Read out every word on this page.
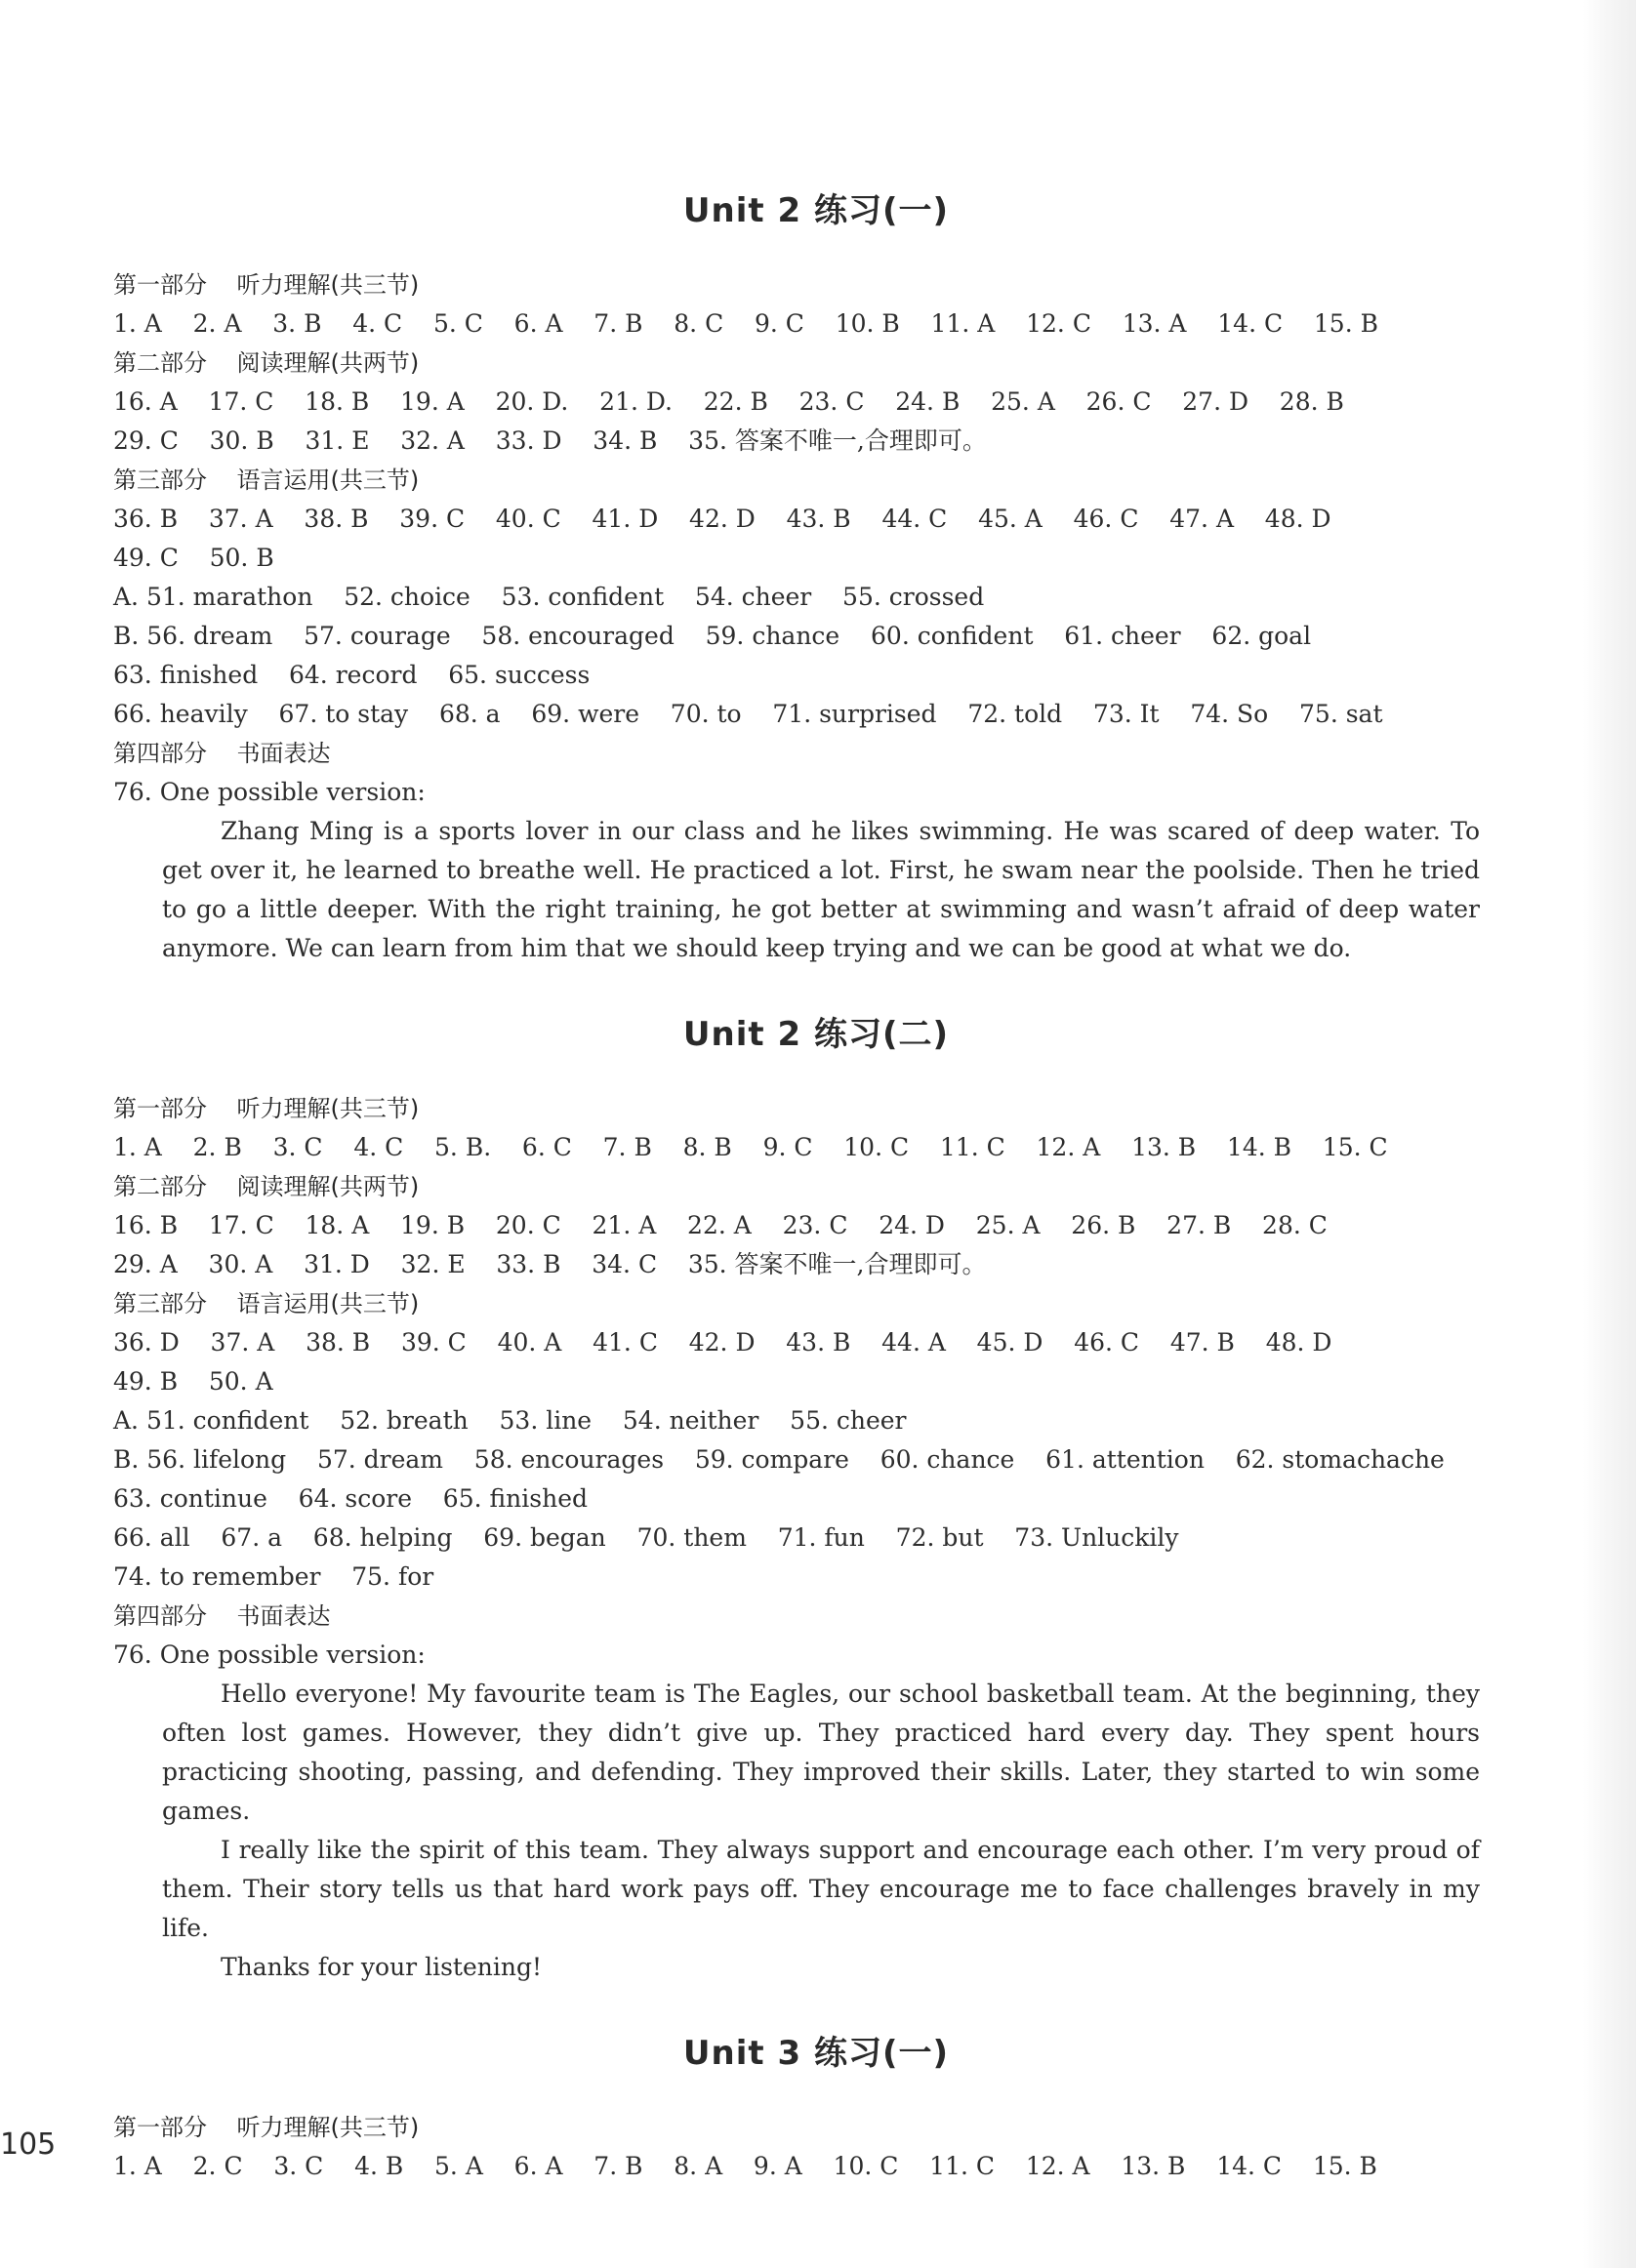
Unit 2 练习(一)
第一部分    听力理解(共三节)
1. A    2. A    3. B    4. C    5. C    6. A    7. B    8. C    9. C    10. B    11. A    12. C    13. A    14. C    15. B
第二部分    阅读理解(共两节)
16. A    17. C    18. B    19. A    20. D.    21. D.    22. B    23. C    24. B    25. A    26. C    27. D    28. B
29. C    30. B    31. E    32. A    33. D    34. B    35. 答案不唯一,合理即可。
第三部分    语言运用(共三节)
36. B    37. A    38. B    39. C    40. C    41. D    42. D    43. B    44. C    45. A    46. C    47. A    48. D
49. C    50. B
A. 51. marathon    52. choice    53. confident    54. cheer    55. crossed
B. 56. dream    57. courage    58. encouraged    59. chance    60. confident    61. cheer    62. goal
63. finished    64. record    65. success
66. heavily    67. to stay    68. a    69. were    70. to    71. surprised    72. told    73. It    74. So    75. sat
第四部分    书面表达
76. One possible version:

Zhang Ming is a sports lover in our class and he likes swimming. He was scared of deep water. To get over it, he learned to breathe well. He practiced a lot. First, he swam near the poolside. Then he tried to go a little deeper. With the right training, he got better at swimming and wasn’t afraid of deep water anymore. We can learn from him that we should keep trying and we can be good at what we do.

Unit 2 练习(二)
第一部分    听力理解(共三节)
1. A    2. B    3. C    4. C    5. B.    6. C    7. B    8. B    9. C    10. C    11. C    12. A    13. B    14. B    15. C
第二部分    阅读理解(共两节)
16. B    17. C    18. A    19. B    20. C    21. A    22. A    23. C    24. D    25. A    26. B    27. B    28. C
29. A    30. A    31. D    32. E    33. B    34. C    35. 答案不唯一,合理即可。
第三部分    语言运用(共三节)
36. D    37. A    38. B    39. C    40. A    41. C    42. D    43. B    44. A    45. D    46. C    47. B    48. D
49. B    50. A
A. 51. confident    52. breath    53. line    54. neither    55. cheer
B. 56. lifelong    57. dream    58. encourages    59. compare    60. chance    61. attention    62. stomachache
63. continue    64. score    65. finished
66. all    67. a    68. helping    69. began    70. them    71. fun    72. but    73. Unluckily
74. to remember    75. for
第四部分    书面表达
76. One possible version:

Hello everyone! My favourite team is The Eagles, our school basketball team. At the beginning, they often lost games. However, they didn’t give up. They practiced hard every day. They spent hours practicing shooting, passing, and defending. They improved their skills. Later, they started to win some games.

I really like the spirit of this team. They always support and encourage each other. I’m very proud of them. Their story tells us that hard work pays off. They encourage me to face challenges bravely in my life.

Thanks for your listening!

Unit 3 练习(一)
第一部分    听力理解(共三节)
1. A    2. C    3. C    4. B    5. A    6. A    7. B    8. A    9. A    10. C    11. C    12. A    13. B    14. C    15. B
105
